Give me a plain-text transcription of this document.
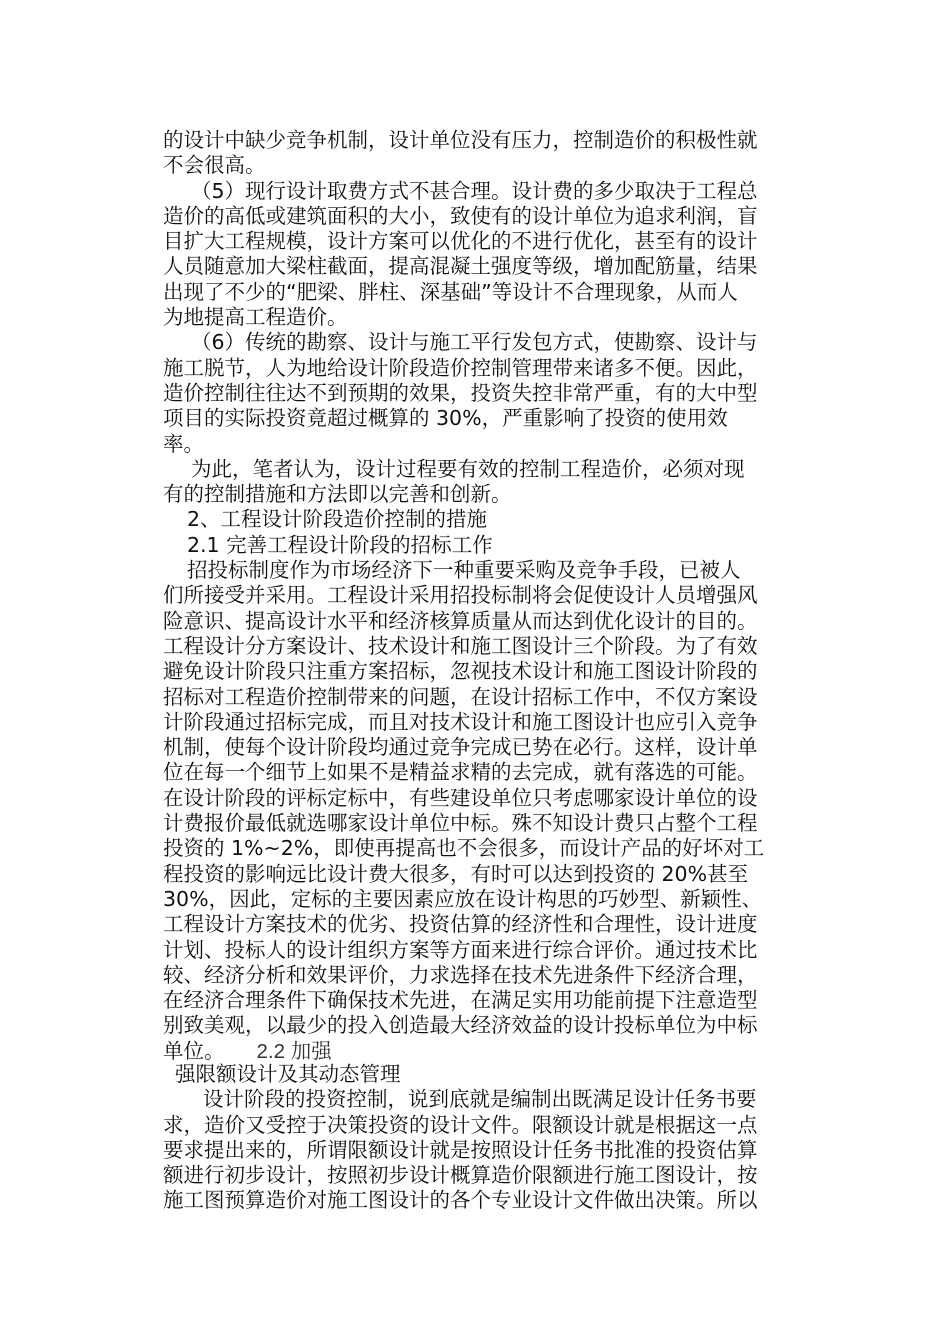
的设计中缺少竞争机制，设计单位没有压力，控制造价的积极性就
不会很高。
（5）现行设计取费方式不甚合理。设计费的多少取决于工程总
造价的高低或建筑面积的大小，致使有的设计单位为追求利润，盲
目扩大工程规模，设计方案可以优化的不进行优化，甚至有的设计
人员随意加大梁柱截面，提高混凝土强度等级，增加配筋量，结果
出现了不少的“肥梁、胖柱、深基础”等设计不合理现象，从而人
为地提高工程造价。
（6）传统的勘察、设计与施工平行发包方式，使勘察、设计与
施工脱节，人为地给设计阶段造价控制管理带来诸多不便。因此，
造价控制往往达不到预期的效果，投资失控非常严重，有的大中型
项目的实际投资竟超过概算的 30%，严重影响了投资的使用效
率。
为此，笔者认为，设计过程要有效的控制工程造价，必须对现
有的控制措施和方法即以完善和创新。
2、工程设计阶段造价控制的措施
2.1 完善工程设计阶段的招标工作
招投标制度作为市场经济下一种重要采购及竞争手段，已被人
们所接受并采用。工程设计采用招投标制将会促使设计人员增强风
险意识、提高设计水平和经济核算质量从而达到优化设计的目的。
工程设计分方案设计、技术设计和施工图设计三个阶段。为了有效
避免设计阶段只注重方案招标，忽视技术设计和施工图设计阶段的
招标对工程造价控制带来的问题，在设计招标工作中，不仅方案设
计阶段通过招标完成，而且对技术设计和施工图设计也应引入竞争
机制，使每个设计阶段均通过竞争完成已势在必行。这样，设计单
位在每一个细节上如果不是精益求精的去完成，就有落选的可能。
在设计阶段的评标定标中，有些建设单位只考虑哪家设计单位的设
计费报价最低就选哪家设计单位中标。殊不知设计费只占整个工程
投资的 1%~2%，即使再提高也不会很多，而设计产品的好坏对工
程投资的影响远比设计费大很多，有时可以达到投资的 20%甚至
30%，因此，定标的主要因素应放在设计构思的巧妙型、新颖性、
工程设计方案技术的优劣、投资估算的经济性和合理性，设计进度
计划、投标人的设计组织方案等方面来进行综合评价。通过技术比
较、经济分析和效果评价，力求选择在技术先进条件下经济合理，
在经济合理条件下确保技术先进，在满足实用功能前提下注意造型
别致美观，以最少的投入创造最大经济效益的设计投标单位为中标
单位。 2.2 加强
强限额设计及其动态管理
设计阶段的投资控制，说到底就是编制出既满足设计任务书要
求，造价又受控于决策投资的设计文件。限额设计就是根据这一点
要求提出来的，所谓限额设计就是按照设计任务书批准的投资估算
额进行初步设计，按照初步设计概算造价限额进行施工图设计，按
施工图预算造价对施工图设计的各个专业设计文件做出决策。所以
